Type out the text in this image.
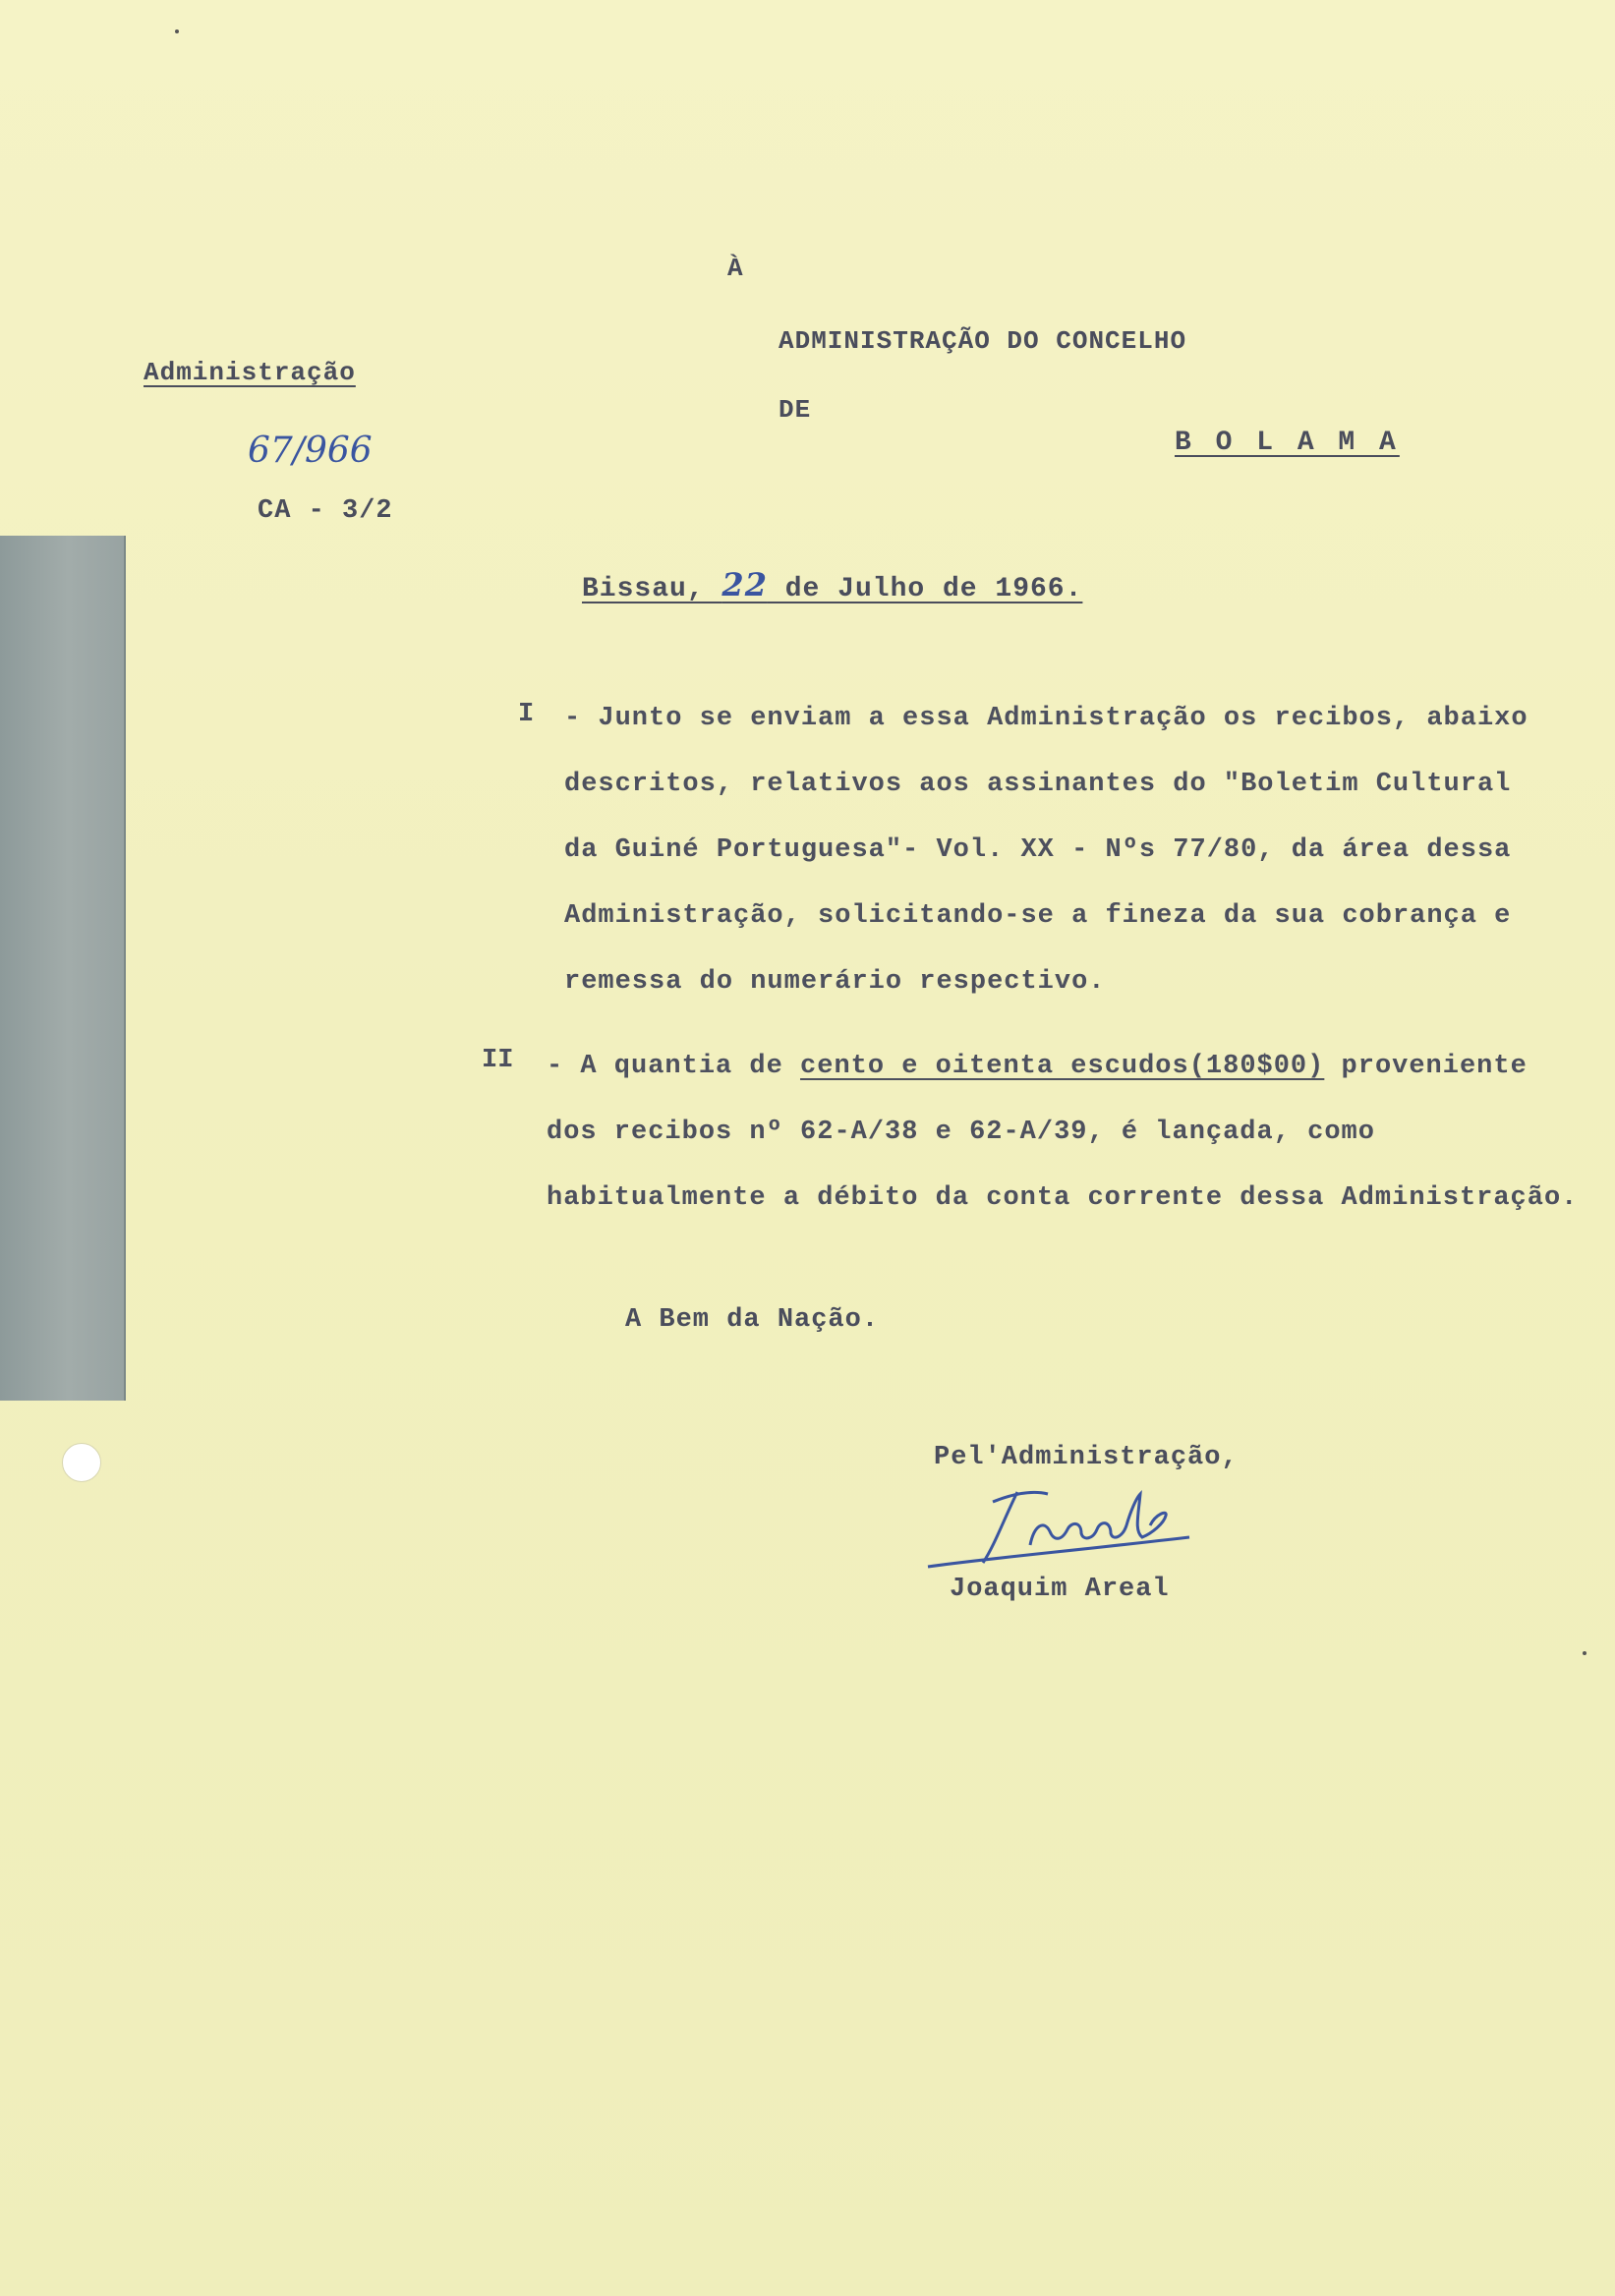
À
ADMINISTRAÇÃO DO CONCELHO
DE
B O L A M A
Administração
67/966
CA - 3/2
Bissau, 22 de Julho de 1966.
I - Junto se enviam a essa Administração os recibos, abaixo descritos, relativos aos assinantes do "Boletim Cultural da Guiné Portuguesa"- Vol. XX - Nºs 77/80, da área dessa Administração, solicitando-se a fineza da sua cobrança e remessa do numerário respectivo.
II - A quantia de cento e oitenta escudos(180$00) proveniente dos recibos nº 62-A/38 e 62-A/39, é lançada, como habitualmente a débito da conta corrente dessa Administração.
A Bem da Nação.
Pel'Administração,
Joaquim Areal
